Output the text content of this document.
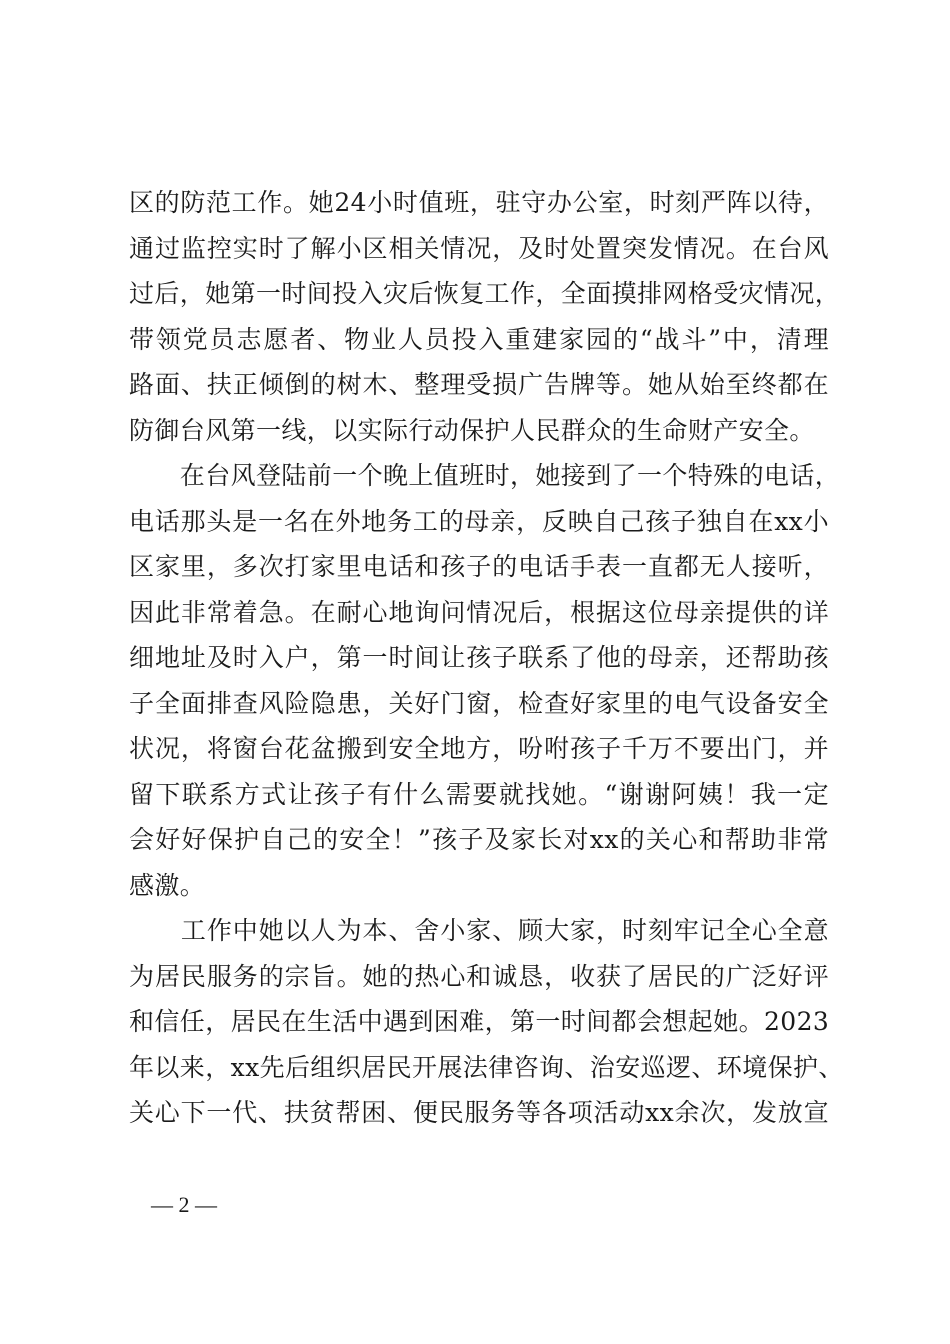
区的防范工作。她24小时值班，驻守办公室，时刻严阵以待，
通过监控实时了解小区相关情况，及时处置突发情况。在台风
过后，她第一时间投入灾后恢复工作，全面摸排网格受灾情况，
带领党员志愿者、物业人员投入重建家园的“战斗”中，清理
路面、扶正倾倒的树木、整理受损广告牌等。她从始至终都在
防御台风第一线，以实际行动保护人民群众的生命财产安全。
　　在台风登陆前一个晚上值班时，她接到了一个特殊的电话，
电话那头是一名在外地务工的母亲，反映自己孩子独自在xx小
区家里，多次打家里电话和孩子的电话手表一直都无人接听，
因此非常着急。在耐心地询问情况后，根据这位母亲提供的详
细地址及时入户，第一时间让孩子联系了他的母亲，还帮助孩
子全面排查风险隐患，关好门窗，检查好家里的电气设备安全
状况，将窗台花盆搬到安全地方，吩咐孩子千万不要出门，并
留下联系方式让孩子有什么需要就找她。“谢谢阿姨！我一定
会好好保护自己的安全！”孩子及家长对xx的关心和帮助非常
感激。
　　工作中她以人为本、舍小家、顾大家，时刻牢记全心全意
为居民服务的宗旨。她的热心和诚恳，收获了居民的广泛好评
和信任，居民在生活中遇到困难，第一时间都会想起她。2023
年以来，xx先后组织居民开展法律咨询、治安巡逻、环境保护、
关心下一代、扶贫帮困、便民服务等各项活动xx余次，发放宣
— 2 —
